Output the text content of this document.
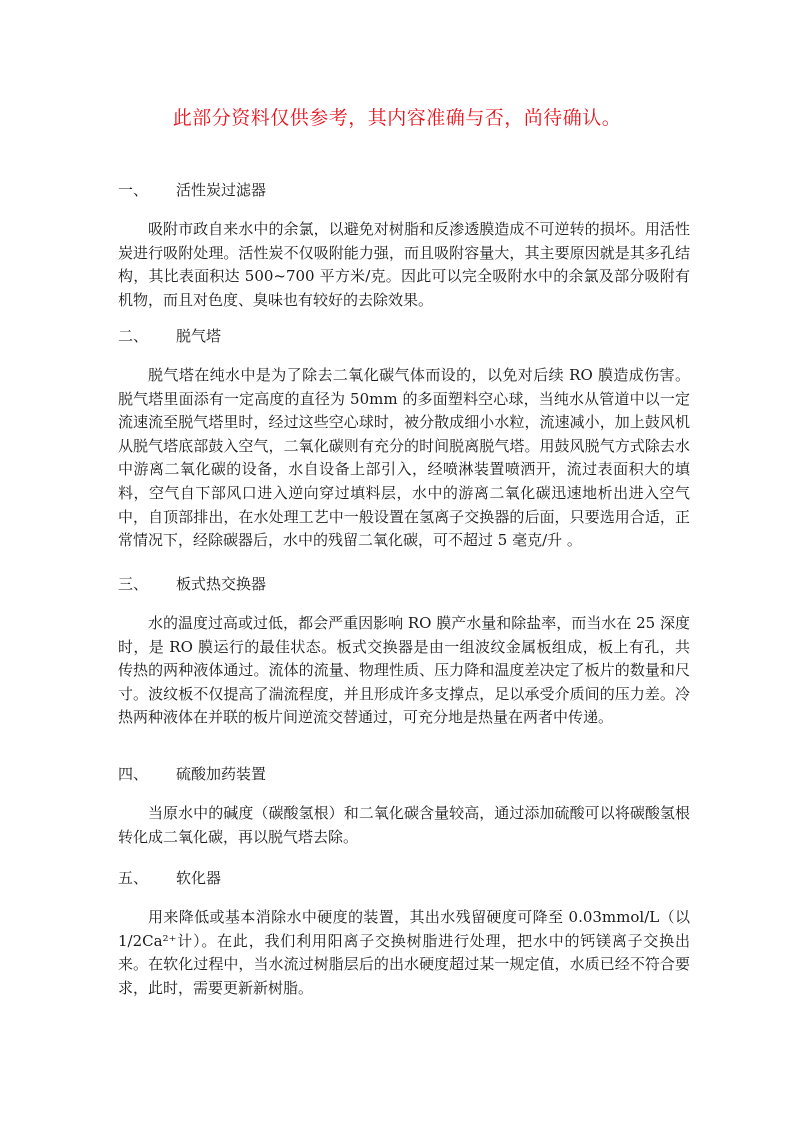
此部分资料仅供参考，其内容准确与否，尚待确认。
一、 活性炭过滤器
吸附市政自来水中的余氯，以避免对树脂和反渗透膜造成不可逆转的损坏。用活性炭进行吸附处理。活性炭不仅吸附能力强，而且吸附容量大，其主要原因就是其多孔结构，其比表面积达 500~700 平方米/克。因此可以完全吸附水中的余氯及部分吸附有机物，而且对色度、臭味也有较好的去除效果。
二、 脱气塔
脱气塔在纯水中是为了除去二氧化碳气体而设的，以免对后续 RO 膜造成伤害。脱气塔里面添有一定高度的直径为 50mm 的多面塑料空心球，当纯水从管道中以一定流速流至脱气塔里时，经过这些空心球时，被分散成细小水粒，流速减小，加上鼓风机从脱气塔底部鼓入空气，二氧化碳则有充分的时间脱离脱气塔。用鼓风脱气方式除去水中游离二氧化碳的设备，水自设备上部引入，经喷淋装置喷洒开，流过表面积大的填料，空气自下部风口进入逆向穿过填料层，水中的游离二氧化碳迅速地析出进入空气中，自顶部排出，在水处理工艺中一般设置在氢离子交换器的后面，只要选用合适，正常情况下，经除碳器后，水中的残留二氧化碳，可不超过 5 毫克/升 。
三、 板式热交换器
水的温度过高或过低，都会严重因影响 RO 膜产水量和除盐率，而当水在 25 深度时，是 RO 膜运行的最佳状态。板式交换器是由一组波纹金属板组成，板上有孔，共传热的两种液体通过。流体的流量、物理性质、压力降和温度差决定了板片的数量和尺寸。波纹板不仅提高了湍流程度，并且形成许多支撑点，足以承受介质间的压力差。冷热两种液体在并联的板片间逆流交替通过，可充分地是热量在两者中传递。
四、 硫酸加药装置
当原水中的碱度（碳酸氢根）和二氧化碳含量较高，通过添加硫酸可以将碳酸氢根转化成二氧化碳，再以脱气塔去除。
五、 软化器
用来降低或基本消除水中硬度的装置，其出水残留硬度可降至 0.03mmol/L（以 1/2Ca²⁺计）。在此，我们利用阳离子交换树脂进行处理，把水中的钙镁离子交换出来。在软化过程中，当水流过树脂层后的出水硬度超过某一规定值，水质已经不符合要求，此时，需要更新新树脂。
